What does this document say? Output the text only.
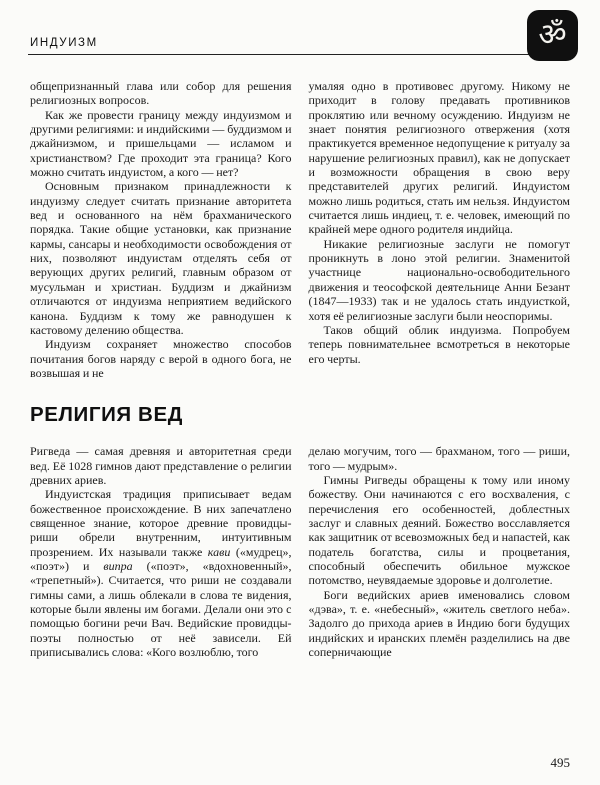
ИНДУИЗМ	ॐ

общепризнанный глава или собор для решения религиозных вопросов.

Как же провести границу между индуизмом и другими религиями: и индийскими — буддизмом и джайнизмом, и пришельцами — исламом и христианством? Где проходит эта граница? Кого можно считать индуистом, а кого — нет?

Основным признаком принадлежности к индуизму следует считать признание авторитета вед и основанного на нём брахманического порядка. Такие общие установки, как признание кармы, сансары и необходимости освобождения от них, позволяют индуистам отделять себя от верующих других религий, главным образом от мусульман и христиан. Буддизм и джайнизм отличаются от индуизма неприятием ведийского канона. Буддизм к тому же равнодушен к кастовому делению общества.

Индуизм сохраняет множество способов почитания богов наряду с верой в одного бога, не возвышая и не

умаляя одно в противовес другому. Никому не приходит в голову предавать противников проклятию или вечному осуждению. Индуизм не знает понятия религиозного отвержения (хотя практикуется временное недопущение к ритуалу за нарушение религиозных правил), как не допускает и возможности обращения в свою веру представителей других религий. Индуистом можно лишь родиться, стать им нельзя. Индуистом считается лишь индиец, т. е. человек, имеющий по крайней мере одного родителя индийца.

Никакие религиозные заслуги не помогут проникнуть в лоно этой религии. Знаменитой участнице национально-освободительного движения и теософской деятельнице Анни Безант (1847—1933) так и не удалось стать индуисткой, хотя её религиозные заслуги были неоспоримы.

Таков общий облик индуизма. Попробуем теперь повнимательнее всмотреться в некоторые его черты.

РЕЛИГИЯ ВЕД

Ригведа — самая древняя и авторитетная среди вед. Её 1028 гимнов дают представление о религии древних ариев.

Индуистская традиция приписывает ведам божественное происхождение. В них запечатлено священное знание, которое древние провидцы-риши обрели внутренним, интуитивным прозрением. Их называли также кави («мудрец», «поэт») и випра («поэт», «вдохновенный», «трепетный»). Считается, что риши не создавали гимны сами, а лишь облекали в слова те видения, которые были явлены им богами. Делали они это с помощью богини речи Вач. Ведийские провидцы-поэты полностью от неё зависели. Ей приписывались слова: «Кого возлюблю, того

делаю могучим, того — брахманом, того — риши, того — мудрым».

Гимны Ригведы обращены к тому или иному божеству. Они начинаются с его восхваления, с перечисления его особенностей, доблестных заслуг и славных деяний. Божество восславляется как защитник от всевозможных бед и напастей, как податель богатства, силы и процветания, способный обеспечить обильное мужское потомство, неувядаемые здоровье и долголетие.

Боги ведийских ариев именовались словом «дэва», т. е. «небесный», «житель светлого неба». Задолго до прихода ариев в Индию боги будущих индийских и иранских племён разделились на две соперничающие

495
